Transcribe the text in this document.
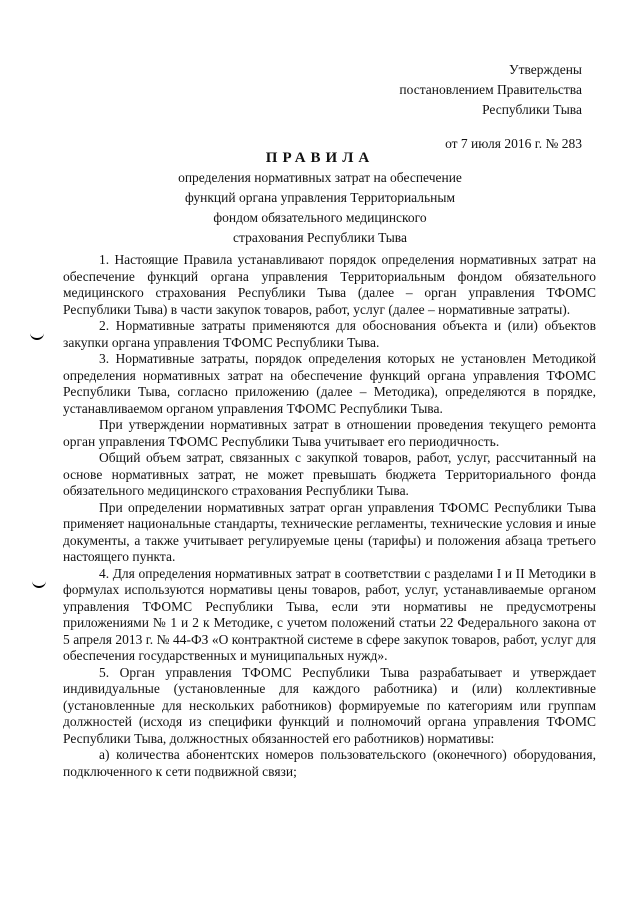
Утверждены
постановлением Правительства
Республики Тыва
от 7 июля 2016 г. № 283
ПРАВИЛА
определения нормативных затрат на обеспечение
функций органа управления Территориальным
фондом обязательного медицинского
страхования Республики Тыва

1. Настоящие Правила устанавливают порядок определения нормативных затрат на обеспечение функций органа управления Территориальным фондом обязательного медицинского страхования Республики Тыва (далее – орган управления ТФОМС Республики Тыва) в части закупок товаров, работ, услуг (далее – нормативные затраты).

2. Нормативные затраты применяются для обоснования объекта и (или) объектов закупки органа управления ТФОМС Республики Тыва.

3. Нормативные затраты, порядок определения которых не установлен Методикой определения нормативных затрат на обеспечение функций органа управления ТФОМС Республики Тыва, согласно приложению (далее – Методика), определяются в порядке, устанавливаемом органом управления ТФОМС Республики Тыва.

При утверждении нормативных затрат в отношении проведения текущего ремонта орган управления ТФОМС Республики Тыва учитывает его периодичность.

Общий объем затрат, связанных с закупкой товаров, работ, услуг, рассчитанный на основе нормативных затрат, не может превышать бюджета Территориального фонда обязательного медицинского страхования Республики Тыва.

При определении нормативных затрат орган управления ТФОМС Республики Тыва применяет национальные стандарты, технические регламенты, технические условия и иные документы, а также учитывает регулируемые цены (тарифы) и положения абзаца третьего настоящего пункта.

4. Для определения нормативных затрат в соответствии с разделами I и II Методики в формулах используются нормативы цены товаров, работ, услуг, устанавливаемые органом управления ТФОМС Республики Тыва, если эти нормативы не предусмотрены приложениями № 1 и 2 к Методике, с учетом положений статьи 22 Федерального закона от 5 апреля 2013 г. № 44-ФЗ «О контрактной системе в сфере закупок товаров, работ, услуг для обеспечения государственных и муниципальных нужд».

5. Орган управления ТФОМС Республики Тыва разрабатывает и утверждает индивидуальные (установленные для каждого работника) и (или) коллективные (установленные для нескольких работников) формируемые по категориям или группам должностей (исходя из специфики функций и полномочий органа управления ТФОМС Республики Тыва, должностных обязанностей его работников) нормативы:

а) количества абонентских номеров пользовательского (оконечного) оборудования, подключенного к сети подвижной связи;
